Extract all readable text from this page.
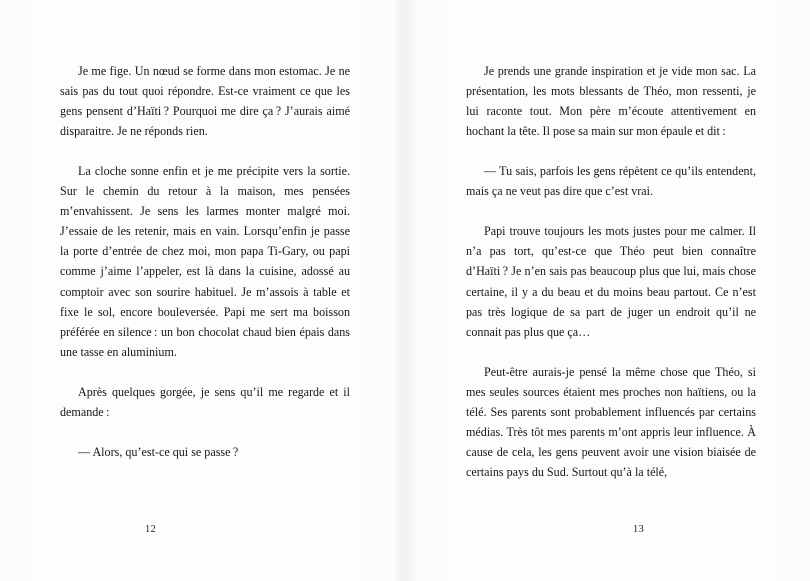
Je me fige. Un nœud se forme dans mon estomac. Je ne sais pas du tout quoi répondre. Est-ce vraiment ce que les gens pensent d’Haïti ? Pourquoi me dire ça ? J’aurais aimé disparaitre. Je ne réponds rien.

La cloche sonne enfin et je me précipite vers la sortie. Sur le chemin du retour à la maison, mes pensées m’envahissent. Je sens les larmes monter malgré moi. J’essaie de les retenir, mais en vain. Lorsqu’enfin je passe la porte d’entrée de chez moi, mon papa Ti-Gary, ou papi comme j’aime l’appeler, est là dans la cuisine, adossé au comptoir avec son sourire habituel. Je m’assois à table et fixe le sol, encore bouleversée. Papi me sert ma boisson préférée en silence : un bon chocolat chaud bien épais dans une tasse en aluminium.

Après quelques gorgée, je sens qu’il me regarde et il demande :

— Alors, qu’est-ce qui se passe ?

12

Je prends une grande inspiration et je vide mon sac. La présentation, les mots blessants de Théo, mon ressenti, je lui raconte tout. Mon père m’écoute attentivement en hochant la tête. Il pose sa main sur mon épaule et dit :

— Tu sais, parfois les gens répètent ce qu’ils entendent, mais ça ne veut pas dire que c’est vrai.

Papi trouve toujours les mots justes pour me calmer. Il n’a pas tort, qu’est-ce que Théo peut bien connaître d’Haïti ? Je n’en sais pas beaucoup plus que lui, mais chose certaine, il y a du beau et du moins beau partout. Ce n’est pas très logique de sa part de juger un endroit qu’il ne connait pas plus que ça…

Peut-être aurais-je pensé la même chose que Théo, si mes seules sources étaient mes proches non haïtiens, ou la télé. Ses parents sont probablement influencés par certains médias. Très tôt mes parents m’ont appris leur influence. À cause de cela, les gens peuvent avoir une vision biaisée de certains pays du Sud. Surtout qu’à la télé,

13
